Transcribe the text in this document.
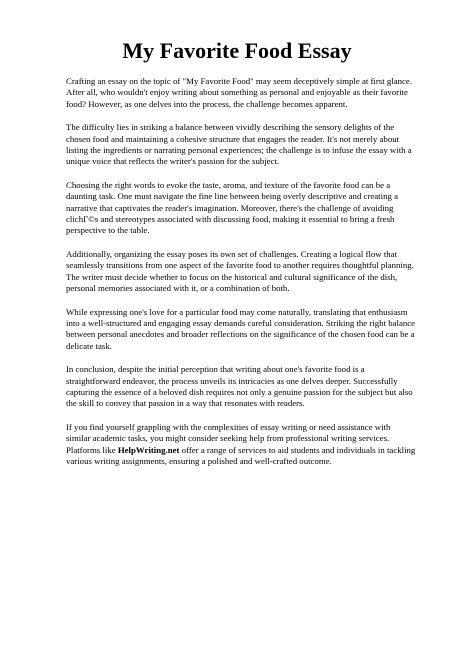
My Favorite Food Essay

Crafting an essay on the topic of "My Favorite Food" may seem deceptively simple at first glance. After all, who wouldn't enjoy writing about something as personal and enjoyable as their favorite food? However, as one delves into the process, the challenge becomes apparent.

The difficulty lies in striking a balance between vividly describing the sensory delights of the chosen food and maintaining a cohesive structure that engages the reader. It's not merely about listing the ingredients or narrating personal experiences; the challenge is to infuse the essay with a unique voice that reflects the writer's passion for the subject.

Choosing the right words to evoke the taste, aroma, and texture of the favorite food can be a daunting task. One must navigate the fine line between being overly descriptive and creating a narrative that captivates the reader's imagination. Moreover, there's the challenge of avoiding clichГ©s and stereotypes associated with discussing food, making it essential to bring a fresh perspective to the table.

Additionally, organizing the essay poses its own set of challenges. Creating a logical flow that seamlessly transitions from one aspect of the favorite food to another requires thoughtful planning. The writer must decide whether to focus on the historical and cultural significance of the dish, personal memories associated with it, or a combination of both.

While expressing one's love for a particular food may come naturally, translating that enthusiasm into a well-structured and engaging essay demands careful consideration. Striking the right balance between personal anecdotes and broader reflections on the significance of the chosen food can be a delicate task.

In conclusion, despite the initial perception that writing about one's favorite food is a straightforward endeavor, the process unveils its intricacies as one delves deeper. Successfully capturing the essence of a beloved dish requires not only a genuine passion for the subject but also the skill to convey that passion in a way that resonates with readers.

If you find yourself grappling with the complexities of essay writing or need assistance with similar academic tasks, you might consider seeking help from professional writing services. Platforms like HelpWriting.net offer a range of services to aid students and individuals in tackling various writing assignments, ensuring a polished and well-crafted outcome.
